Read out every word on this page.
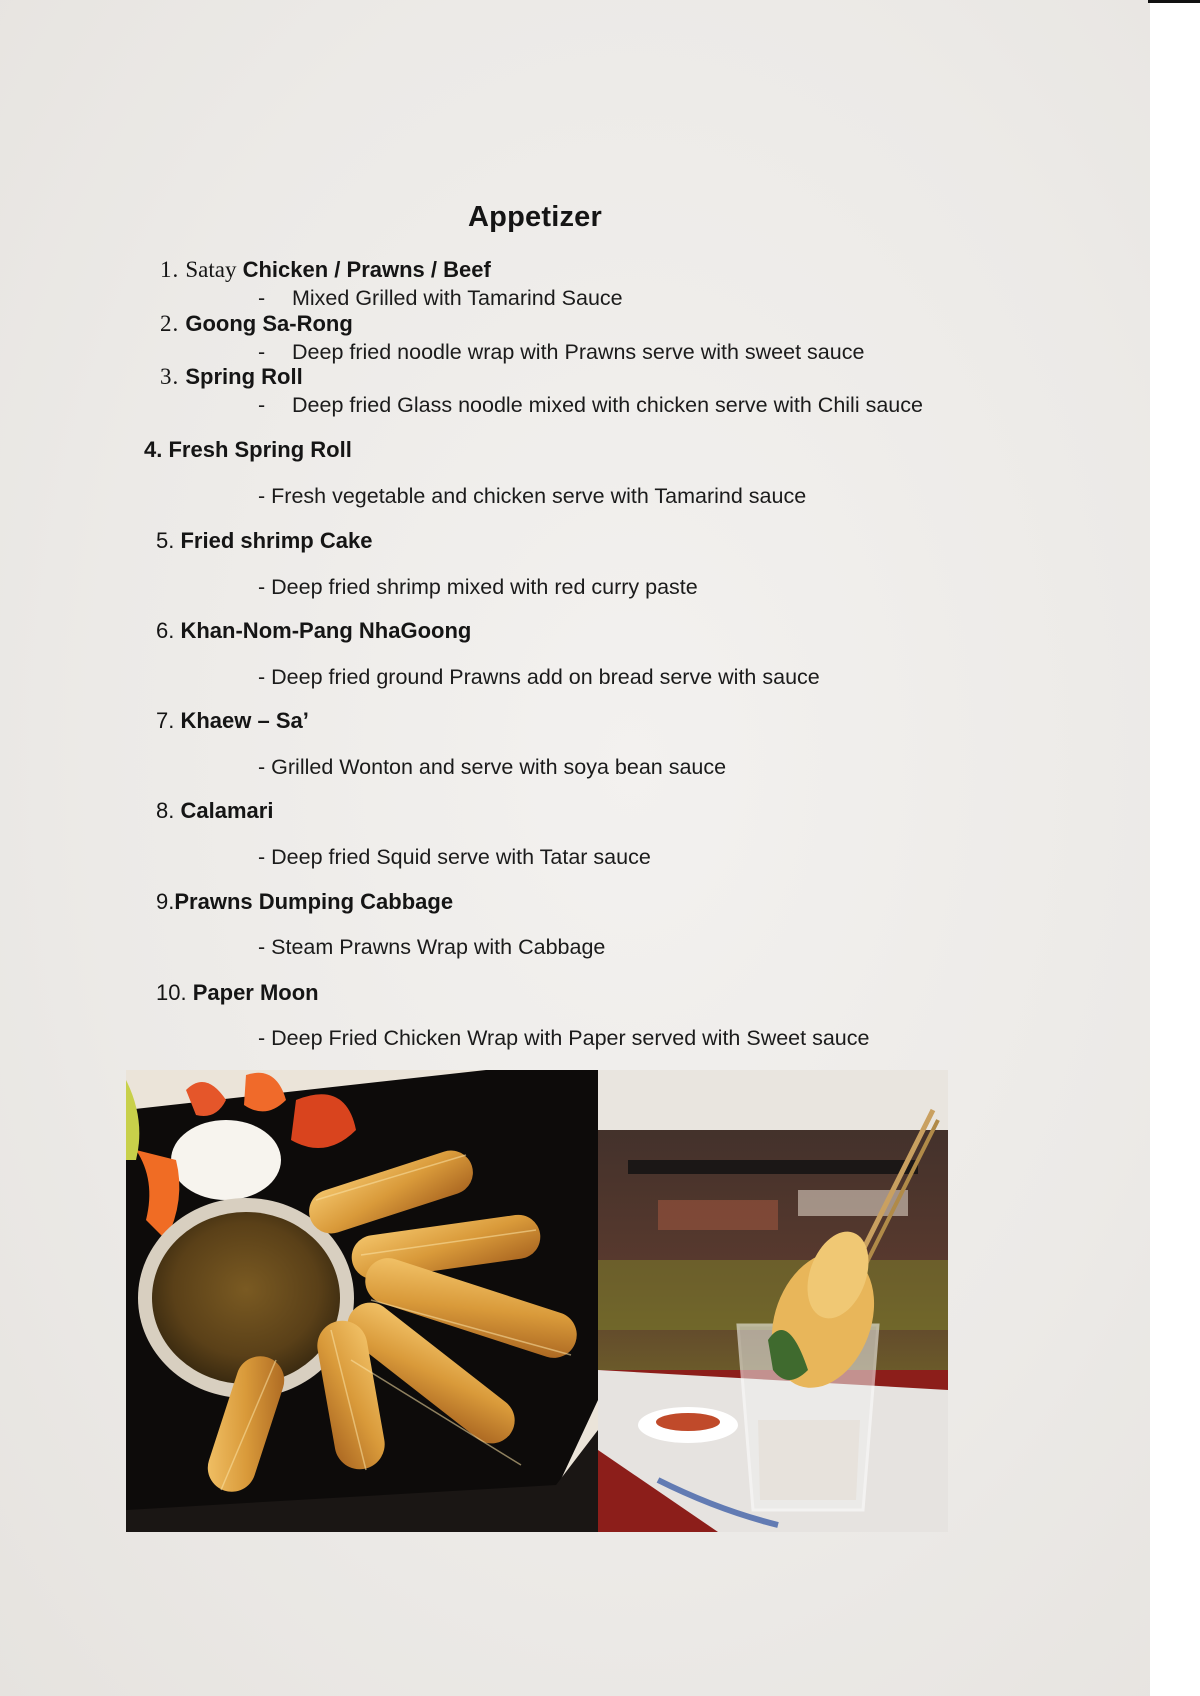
Appetizer
1. Satay Chicken / Prawns / Beef
- Mixed Grilled with Tamarind Sauce
2. Goong Sa-Rong
- Deep fried noodle wrap with Prawns serve with sweet sauce
3. Spring Roll
- Deep fried Glass noodle mixed with chicken serve with Chili sauce
4. Fresh Spring Roll
- Fresh vegetable and chicken serve with Tamarind sauce
5. Fried shrimp Cake
- Deep fried shrimp mixed with red curry paste
6. Khan-Nom-Pang NhaGoong
- Deep fried ground Prawns add on bread serve with sauce
7. Khaew – Sa’
- Grilled Wonton and serve with soya bean sauce
8. Calamari
- Deep fried Squid serve with Tatar sauce
9.Prawns Dumping Cabbage
- Steam Prawns Wrap with Cabbage
10. Paper Moon
- Deep Fried Chicken Wrap with Paper served with Sweet sauce
